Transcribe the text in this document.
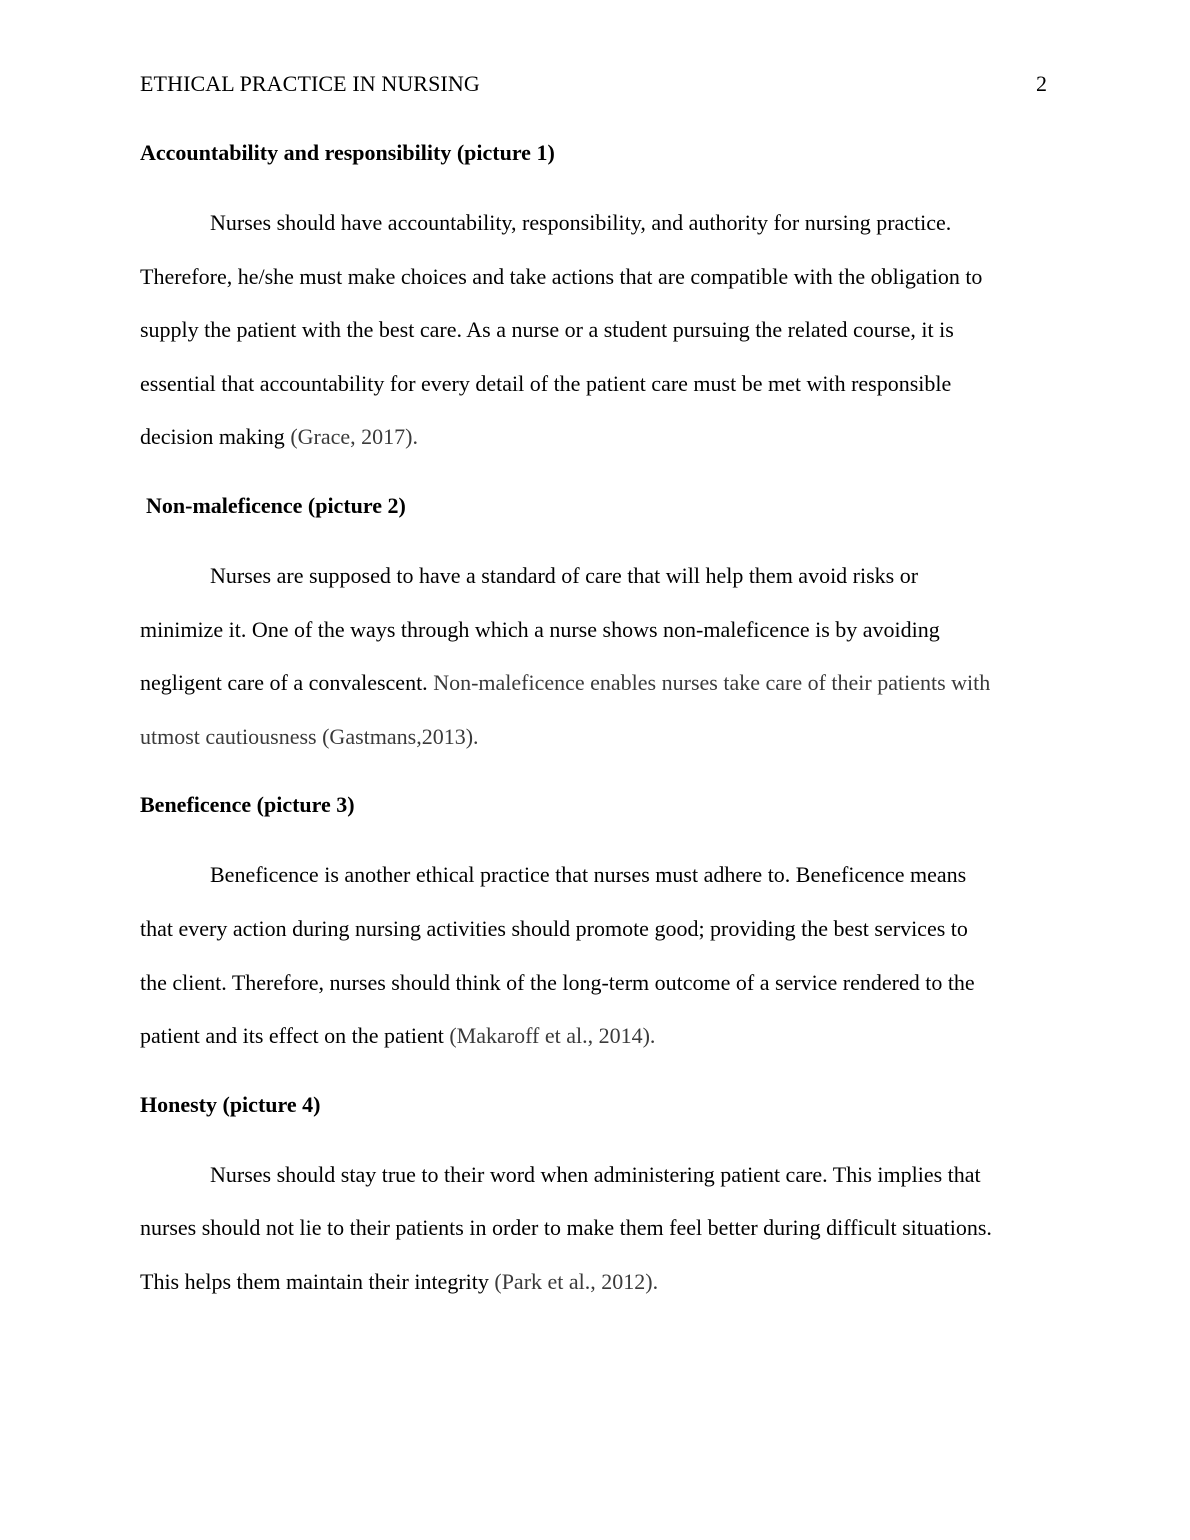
ETHICAL PRACTICE IN NURSING	2
Accountability and responsibility (picture 1)
Nurses should have accountability, responsibility, and authority for nursing practice.
Therefore, he/she must make choices and take actions that are compatible with the obligation to
supply the patient with the best care. As a nurse or a student pursuing the related course, it is
essential that accountability for every detail of the patient care must be met with responsible
decision making (Grace, 2017).
Non-maleficence (picture 2)
Nurses are supposed to have a standard of care that will help them avoid risks or
minimize it. One of the ways through which a nurse shows non-maleficence is by avoiding
negligent care of a convalescent. Non-maleficence enables nurses take care of their patients with
utmost cautiousness (Gastmans,2013).
Beneficence (picture 3)
Beneficence is another ethical practice that nurses must adhere to. Beneficence means
that every action during nursing activities should promote good; providing the best services to
the client. Therefore, nurses should think of the long-term outcome of a service rendered to the
patient and its effect on the patient (Makaroff et al., 2014).
Honesty (picture 4)
Nurses should stay true to their word when administering patient care. This implies that
nurses should not lie to their patients in order to make them feel better during difficult situations.
This helps them maintain their integrity (Park et al., 2012).
